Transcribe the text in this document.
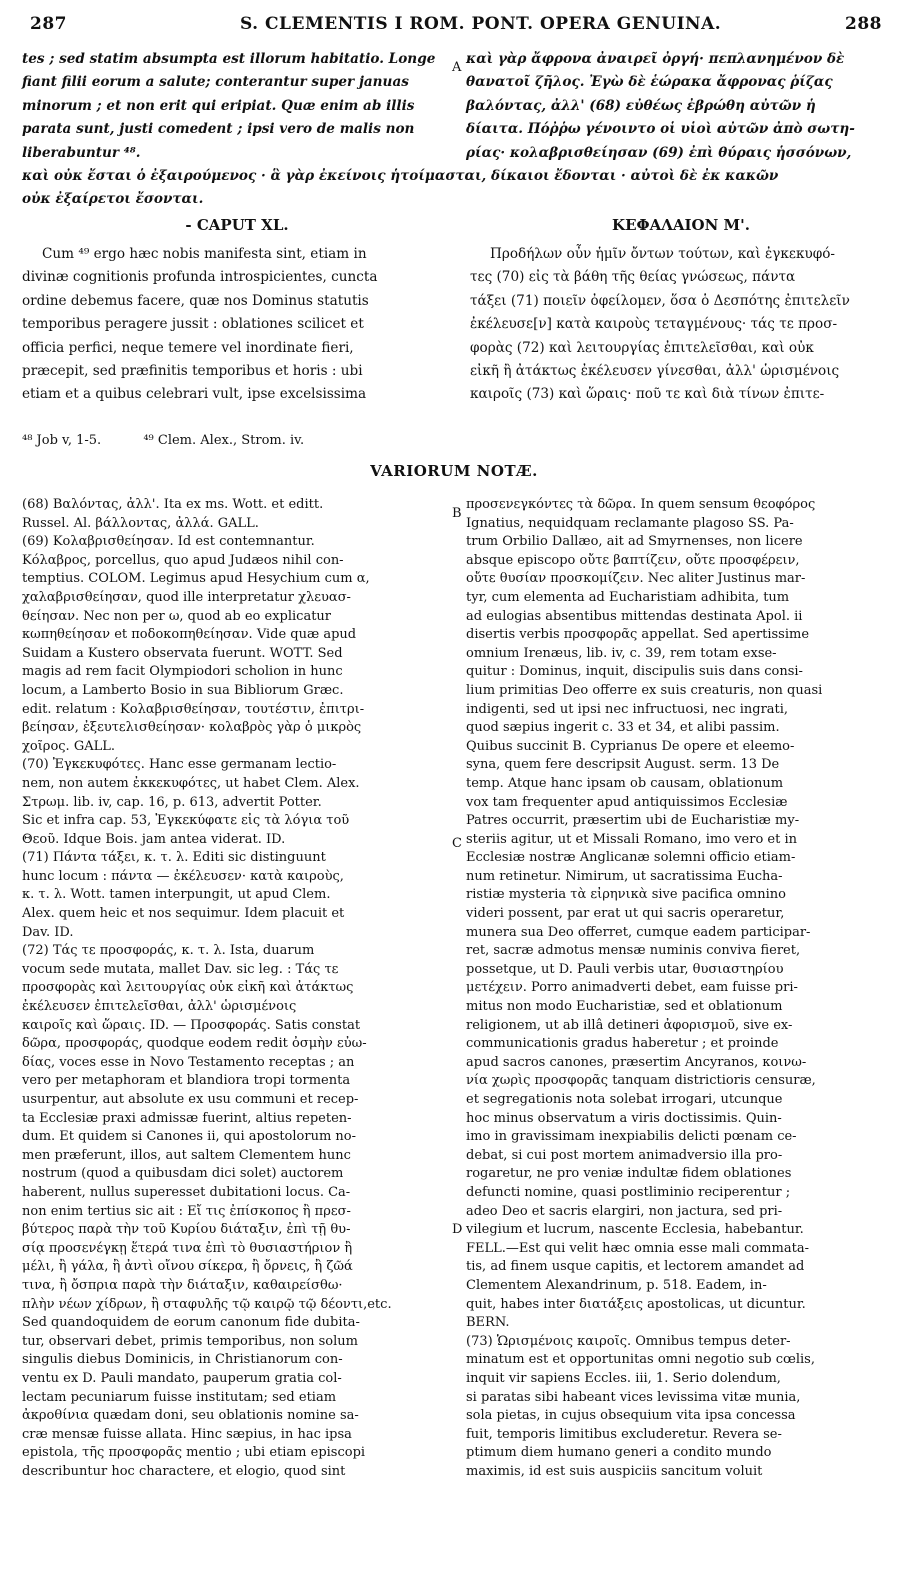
287	S. CLEMENTIS I ROM. PONT. OPERA GENUINA.	288
A
B
C
D

tes ; sed statim absumpta est illorum habitatio. Longe

fiant filii eorum a salute; conterantur super januas

minorum ; et non erit qui eripiat. Quæ enim ab illis

parata sunt, justi comedent ; ipsi vero de malis non

liberabuntur ⁴⁸.

καὶ γὰρ ἄφρονα ἀναιρεῖ ὀργή· πεπλανημένον δὲ

θανατοῖ ζῆλος. Ἐγὼ δὲ ἑώρακα ἄφρονας ῥίζας

βαλόντας, ἀλλ' (68) εὐθέως ἐβρώθη αὐτῶν ἡ

δίαιτα. Πόῤῥω γένοιντο οἱ υἱοὶ αὐτῶν ἀπὸ σωτη-

ρίας· κολαβρισθείησαν (69) ἐπὶ θύραις ἡσσόνων,

καὶ οὐκ ἔσται ὁ ἐξαιρούμενος · ἃ γὰρ ἐκείνοις ἡτοίμασται, δίκαιοι ἔδονται · αὐτοὶ δὲ ἐκ κακῶν

οὐκ ἐξαίρετοι ἔσονται.

- CAPUT XL.	ΚΕΦΑΛΑΙΟΝ Μ'.

Cum ⁴⁹ ergo hæc nobis manifesta sint, etiam in

divinæ cognitionis profunda introspicientes, cuncta

ordine debemus facere, quæ nos Dominus statutis

temporibus peragere jussit : oblationes scilicet et

officia perfici, neque temere vel inordinate fieri,

præcepit, sed præfinitis temporibus et horis : ubi

etiam et a quibus celebrari vult, ipse excelsissima

Προδήλων οὖν ἡμῖν ὄντων τούτων, καὶ ἐγκεκυφό-

τες (70) εἰς τὰ βάθη τῆς θείας γνώσεως, πάντα

τάξει (71) ποιεῖν ὀφείλομεν, ὅσα ὁ Δεσπότης ἐπιτελεῖν

ἐκέλευσε[ν] κατὰ καιροὺς τεταγμένους· τάς τε προσ-

φορὰς (72) καὶ λειτουργίας ἐπιτελεῖσθαι, καὶ οὐκ

εἰκῆ ἢ ἀτάκτως ἐκέλευσεν γίνεσθαι, ἀλλ' ὡρισμένοις

καιροῖς (73) καὶ ὥραις· ποῦ τε καὶ διὰ τίνων ἐπιτε-

⁴⁸ Job v, 1-5.	⁴⁹ Clem. Alex., Strom. iv.
VARIORUM NOTÆ.

(68) Βαλόντας, ἀλλ'. Ita ex ms. Wott. et editt.

Russel. Al. βάλλοντας, ἀλλά. GALL.

(69) Κολαβρισθείησαν. Id est contemnantur.

Κόλαβρος, porcellus, quo apud Judæos nihil con-

temptius. COLOM. Legimus apud Hesychium cum α,

χαλαβρισθείησαν, quod ille interpretatur χλευασ-

θείησαν. Nec non per ω, quod ab eo explicatur

κωπηθείησαν et ποδοκοπηθείησαν. Vide quæ apud

Suidam a Kustero observata fuerunt. WOTT. Sed

magis ad rem facit Olympiodori scholion in hunc

locum, a Lamberto Bosio in sua Bibliorum Græc.

edit. relatum : Κολαβρισθείησαν, τουτέστιν, ἐπιτρι-

βείησαν, ἐξευτελισθείησαν· κολαβρὸς γὰρ ὁ μικρὸς

χοῖρος. GALL.

(70) Ἐγκεκυφότες. Hanc esse germanam lectio-

nem, non autem ἐκκεκυφότες, ut habet Clem. Alex.

Στρωμ. lib. iv, cap. 16, p. 613, advertit Potter.

Sic et infra cap. 53, Ἐγκεκύφατε εἰς τὰ λόγια τοῦ

Θεοῦ. Idque Bois. jam antea viderat. ID.

(71) Πάντα τάξει, κ. τ. λ. Editi sic distinguunt

hunc locum : πάντα — ἐκέλευσεν· κατὰ καιροὺς,

κ. τ. λ. Wott. tamen interpungit, ut apud Clem.

Alex. quem heic et nos sequimur. Idem placuit et

Dav. ID.

(72) Τάς τε προσφοράς, κ. τ. λ. Ista, duarum

vocum sede mutata, mallet Dav. sic leg. : Τάς τε

προσφορὰς καὶ λειτουργίας οὐκ εἰκῆ καὶ ἀτάκτως

ἐκέλευσεν ἐπιτελεῖσθαι, ἀλλ' ὡρισμένοις

καιροῖς καὶ ὥραις. ID. — Προσφοράς. Satis constat

δῶρα, προσφοράς, quodque eodem redit ὀσμὴν εὐω-

δίας, voces esse in Novo Testamento receptas ; an

vero per metaphoram et blandiora tropi tormenta

usurpentur, aut absolute ex usu communi et recep-

ta Ecclesiæ praxi admissæ fuerint, altius repeten-

dum. Et quidem si Canones ii, qui apostolorum no-

men præferunt, illos, aut saltem Clementem hunc

nostrum (quod a quibusdam dici solet) auctorem

haberent, nullus superesset dubitationi locus. Ca-

non enim tertius sic ait : Εἴ τις ἐπίσκοπος ἢ πρεσ-

βύτερος παρὰ τὴν τοῦ Κυρίου διάταξιν, ἐπὶ τῇ θυ-

σίᾳ προσενέγκῃ ἕτερά τινα ἐπὶ τὸ θυσιαστήριον ἢ

μέλι, ἢ γάλα, ἢ ἀντὶ οἴνου σίκερα, ἢ ὄρνεις, ἢ ζῶά

τινα, ἢ ὄσπρια παρὰ τὴν διάταξιν, καθαιρείσθω·

πλὴν νέων χίδρων, ἢ σταφυλῆς τῷ καιρῷ τῷ δέοντι,etc.

Sed quandoquidem de eorum canonum fide dubita-

tur, observari debet, primis temporibus, non solum

singulis diebus Dominicis, in Christianorum con-

ventu ex D. Pauli mandato, pauperum gratia col-

lectam pecuniarum fuisse institutam; sed etiam

ἀκροθίνια quædam doni, seu oblationis nomine sa-

cræ mensæ fuisse allata. Hinc sæpius, in hac ipsa

epistola, τῆς προσφορᾶς mentio ; ubi etiam episcopi

describuntur hoc charactere, et elogio, quod sint

προσενεγκόντες τὰ δῶρα. In quem sensum θεοφόρος

Ignatius, nequidquam reclamante plagoso SS. Pa-

trum Orbilio Dallæo, ait ad Smyrnenses, non licere

absque episcopo οὔτε βαπτίζειν, οὔτε προσφέρειν,

οὔτε θυσίαν προσκομίζειν. Nec aliter Justinus mar-

tyr, cum elementa ad Eucharistiam adhibita, tum

ad eulogias absentibus mittendas destinata Apol. ii

disertis verbis προσφορᾶς appellat. Sed apertissime

omnium Irenæus, lib. iv, c. 39, rem totam exse-

quitur : Dominus, inquit, discipulis suis dans consi-

lium primitias Deo offerre ex suis creaturis, non quasi

indigenti, sed ut ipsi nec infructuosi, nec ingrati,

quod sæpius ingerit c. 33 et 34, et alibi passim.

Quibus succinit B. Cyprianus De opere et eleemo-

syna, quem fere descripsit August. serm. 13 De

temp. Atque hanc ipsam ob causam, oblationum

vox tam frequenter apud antiquissimos Ecclesiæ

Patres occurrit, præsertim ubi de Eucharistiæ my-

steriis agitur, ut et Missali Romano, imo vero et in

Ecclesiæ nostræ Anglicanæ solemni officio etiam-

num retinetur. Nimirum, ut sacratissima Eucha-

ristiæ mysteria τὰ εἰρηνικὰ sive pacifica omnino

videri possent, par erat ut qui sacris operaretur,

munera sua Deo offerret, cumque eadem participar-

ret, sacræ admotus mensæ numinis conviva fieret,

possetque, ut D. Pauli verbis utar, θυσιαστηρίου

μετέχειν. Porro animadverti debet, eam fuisse pri-

mitus non modo Eucharistiæ, sed et oblationum

religionem, ut ab illâ detineri ἀφορισμοῦ, sive ex-

communicationis gradus haberetur ; et proinde

apud sacros canones, præsertim Ancyranos, κοινω-

νία χωρὶς προσφορᾶς tanquam districtioris censuræ,

et segregationis nota solebat irrogari, utcunque

hoc minus observatum a viris doctissimis. Quin-

imo in gravissimam inexpiabilis delicti pœnam ce-

debat, si cui post mortem animadversio illa pro-

rogaretur, ne pro veniæ indultæ fidem oblationes

defuncti nomine, quasi postliminio reciperentur ;

adeo Deo et sacris elargiri, non jactura, sed pri-

vilegium et lucrum, nascente Ecclesia, habebantur.

FELL.—Est qui velit hæc omnia esse mali commata-

tis, ad finem usque capitis, et lectorem amandet ad

Clementem Alexandrinum, p. 518. Eadem, in-

quit, habes inter διατάξεις apostolicas, ut dicuntur.

BERN.

(73) Ὡρισμένοις καιροῖς. Omnibus tempus deter-

minatum est et opportunitas omni negotio sub cœlis,

inquit vir sapiens Eccles. iii, 1. Serio dolendum,

si paratas sibi habeant vices levissima vitæ munia,

sola pietas, in cujus obsequium vita ipsa concessa

fuit, temporis limitibus excluderetur. Revera se-

ptimum diem humano generi a condito mundo

maximis, id est suis auspiciis sancitum voluit
